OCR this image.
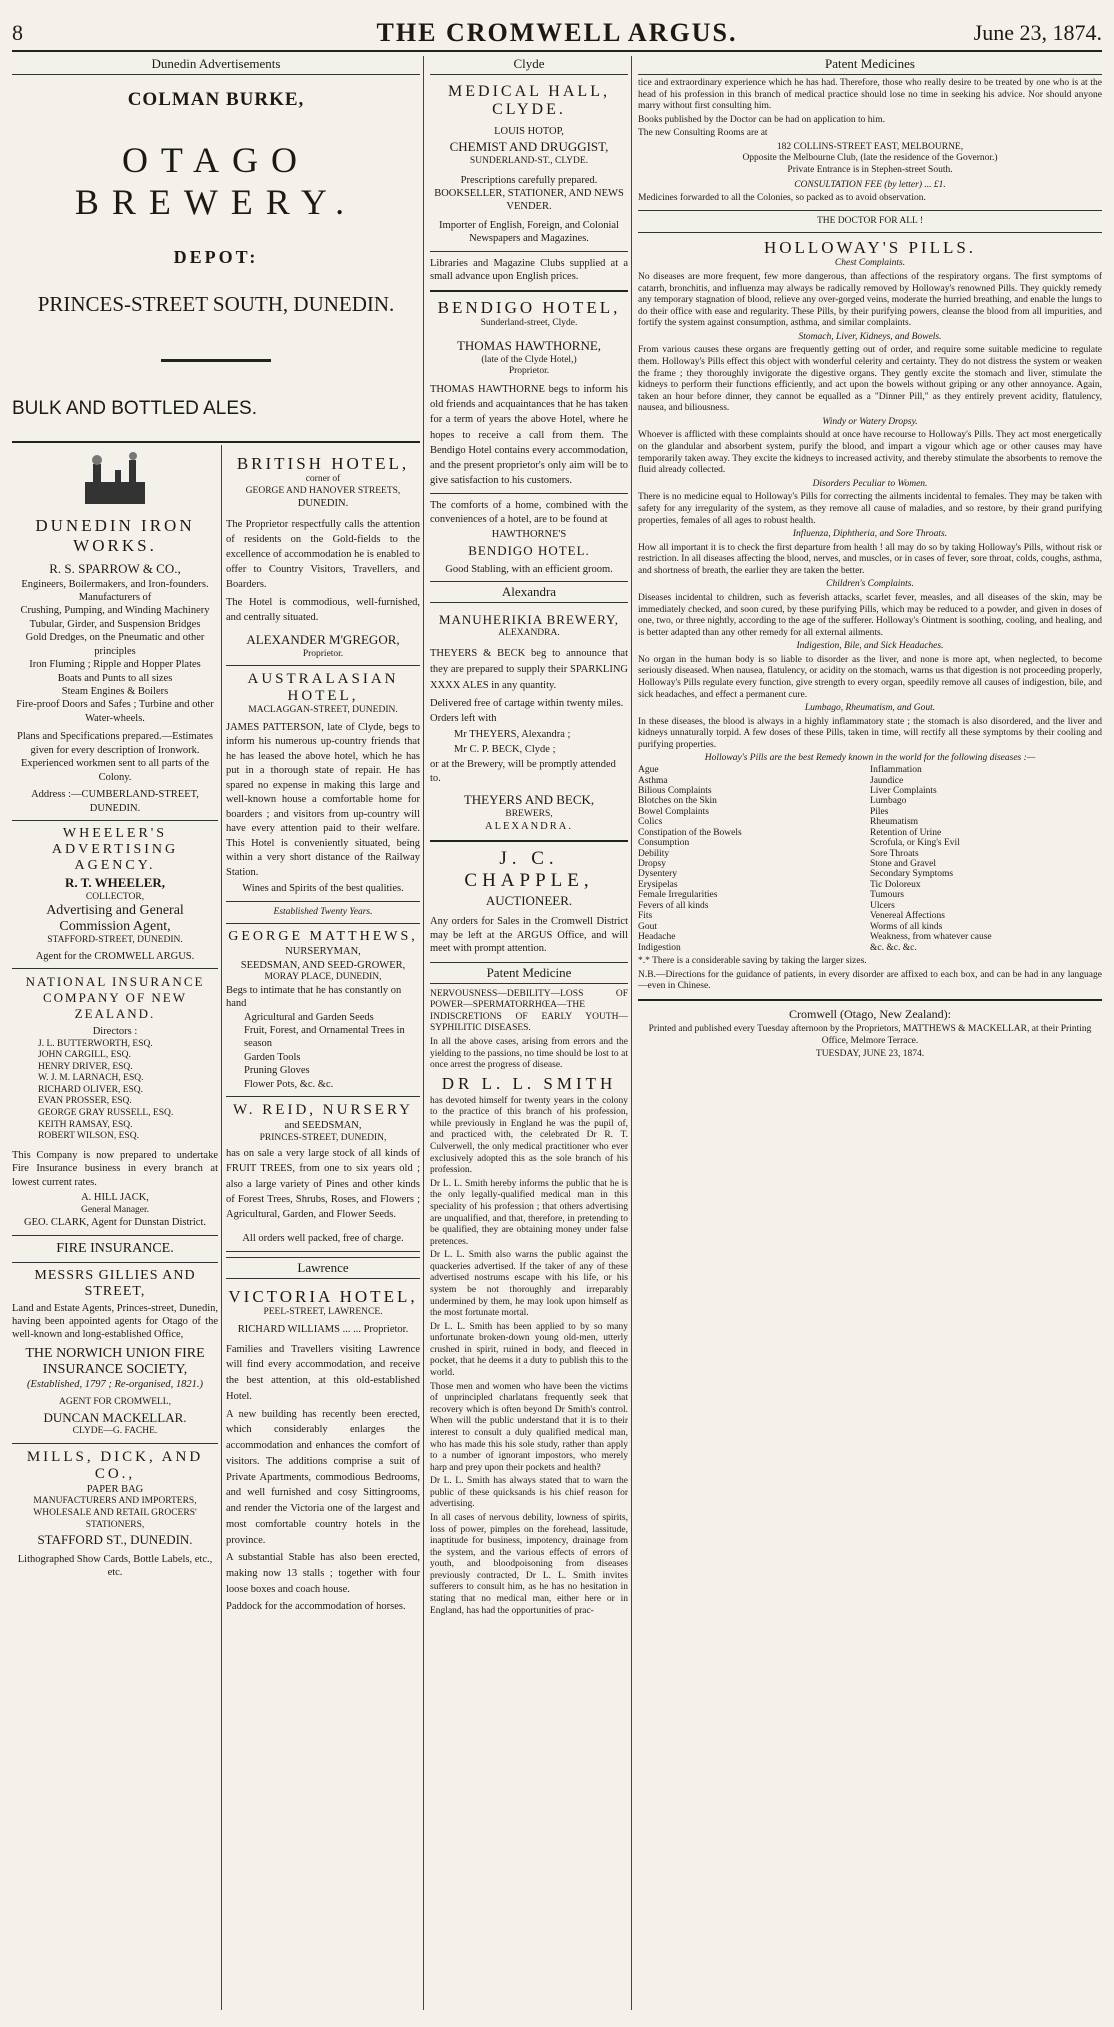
8	THE CROMWELL ARGUS.	June 23, 1874.
Dunedin Advertisements
COLMAN BURKE,
OTAGO BREWERY.
DEPOT:
PRINCES-STREET SOUTH, DUNEDIN.
BULK AND BOTTLED ALES.
DUNEDIN IRON WORKS.
R. S. SPARROW & CO.,
Engineers, Boilermakers, and Iron-founders.
Manufacturers of
Crushing, Pumping, and Winding Machinery
Tubular, Girder, and Suspension Bridges
Gold Dredges, on the Pneumatic and other principles
Iron Fluming ; Ripple and Hopper Plates
Boats and Punts to all sizes
Steam Engines & Boilers
Fire-proof Doors and Safes ; Turbine and other Water-wheels.
Plans and Specifications prepared.—Estimates given for every description of Ironwork.
Experienced workmen sent to all parts of the Colony.
Address :—CUMBERLAND-STREET, DUNEDIN.
WHEELER'S ADVERTISING AGENCY.
R. T. WHEELER,
COLLECTOR,
Advertising and General Commission Agent,
STAFFORD-STREET, DUNEDIN.
Agent for the CROMWELL ARGUS.
NATIONAL INSURANCE COMPANY OF NEW ZEALAND.
Directors :
J. L. BUTTERWORTH, ESQ.
JOHN CARGILL, ESQ.
HENRY DRIVER, ESQ.
W. J. M. LARNACH, ESQ.
RICHARD OLIVER, ESQ.
EVAN PROSSER, ESQ.
GEORGE GRAY RUSSELL, ESQ.
KEITH RAMSAY, ESQ.
ROBERT WILSON, ESQ.

This Company is now prepared to undertake Fire Insurance business in every branch at lowest current rates.

A. HILL JACK,
General Manager.
GEO. CLARK, Agent for Dunstan District.
FIRE INSURANCE.
MESSRS GILLIES AND STREET,

Land and Estate Agents, Princes-street, Dunedin, having been appointed agents for Otago of the well-known and long-established Office,

THE NORWICH UNION FIRE INSURANCE SOCIETY,
(Established, 1797 ; Re-organised, 1821.)
AGENT FOR CROMWELL,
DUNCAN MACKELLAR.
CLYDE—G. FACHE.
MILLS, DICK, AND CO.,
PAPER BAG
MANUFACTURERS AND IMPORTERS,
WHOLESALE AND RETAIL GROCERS' STATIONERS,
STAFFORD ST., DUNEDIN.
Lithographed Show Cards, Bottle Labels, etc., etc.
BRITISH HOTEL,
corner of
GEORGE AND HANOVER STREETS,
DUNEDIN.

The Proprietor respectfully calls the attention of residents on the Gold-fields to the excellence of accommodation he is enabled to offer to Country Visitors, Travellers, and Boarders.

The Hotel is commodious, well-furnished, and centrally situated.

ALEXANDER M'GREGOR,
Proprietor.
AUSTRALASIAN HOTEL,
MACLAGGAN-STREET, DUNEDIN.

JAMES PATTERSON, late of Clyde, begs to inform his numerous up-country friends that he has leased the above hotel, which he has put in a thorough state of repair. He has spared no expense in making this large and well-known house a comfortable home for boarders ; and visitors from up-country will have every attention paid to their welfare. This Hotel is conveniently situated, being within a very short distance of the Railway Station.

Wines and Spirits of the best qualities.
Established Twenty Years.
GEORGE MATTHEWS,
NURSERYMAN,
SEEDSMAN, AND SEED-GROWER,
MORAY PLACE, DUNEDIN,
Begs to intimate that he has constantly on hand
Agricultural and Garden Seeds
Fruit, Forest, and Ornamental Trees in season
Garden Tools
Pruning Gloves
Flower Pots, &c. &c.
W. REID, NURSERY
and SEEDSMAN,
PRINCES-STREET, DUNEDIN,

has on sale a very large stock of all kinds of FRUIT TREES, from one to six years old ; also a large variety of Pines and other kinds of Forest Trees, Shrubs, Roses, and Flowers ; Agricultural, Garden, and Flower Seeds.

All orders well packed, free of charge.
Lawrence
VICTORIA HOTEL,
PEEL-STREET, LAWRENCE.
RICHARD WILLIAMS ... ... Proprietor.

Families and Travellers visiting Lawrence will find every accommodation, and receive the best attention, at this old-established Hotel.

A new building has recently been erected, which considerably enlarges the accommodation and enhances the comfort of visitors. The additions comprise a suit of Private Apartments, commodious Bedrooms, and well furnished and cosy Sittingrooms, and render the Victoria one of the largest and most comfortable country hotels in the province.

A substantial Stable has also been erected, making now 13 stalls ; together with four loose boxes and coach house.

Paddock for the accommodation of horses.

Clyde
MEDICAL HALL, CLYDE.
LOUIS HOTOP,
CHEMIST AND DRUGGIST,
SUNDERLAND-ST., CLYDE.
Prescriptions carefully prepared.
BOOKSELLER, STATIONER, AND NEWS VENDER.
Importer of English, Foreign, and Colonial Newspapers and Magazines.

Libraries and Magazine Clubs supplied at a small advance upon English prices.

BENDIGO HOTEL,
Sunderland-street, Clyde.
THOMAS HAWTHORNE,
(late of the Clyde Hotel,)
Proprietor.

THOMAS HAWTHORNE begs to inform his old friends and acquaintances that he has taken for a term of years the above Hotel, where he hopes to receive a call from them. The Bendigo Hotel contains every accommodation, and the present proprietor's only aim will be to give satisfaction to his customers.

The comforts of a home, combined with the conveniences of a hotel, are to be found at

HAWTHORNE'S
BENDIGO HOTEL.
Good Stabling, with an efficient groom.
Alexandra
MANUHERIKIA BREWERY,
ALEXANDRA.

THEYERS & BECK beg to announce that they are prepared to supply their SPARKLING XXXX ALES in any quantity.

Delivered free of cartage within twenty miles.

Orders left with

Mr THEYERS, Alexandra ;

Mr C. P. BECK, Clyde ;

or at the Brewery, will be promptly attended to.

THEYERS AND BECK,
BREWERS,
ALEXANDRA.
J. C. CHAPPLE,
AUCTIONEER.

Any orders for Sales in the Cromwell District may be left at the ARGUS Office, and will meet with prompt attention.

Patent Medicine

NERVOUSNESS—DEBILITY—LOSS OF POWER—SPERMATORRHŒA—THE INDISCRETIONS OF EARLY YOUTH—SYPHILITIC DISEASES.

In all the above cases, arising from errors and the yielding to the passions, no time should be lost to at once arrest the progress of disease.

DR L. L. SMITH

has devoted himself for twenty years in the colony to the practice of this branch of his profession, while previously in England he was the pupil of, and practiced with, the celebrated Dr R. T. Culverwell, the only medical practitioner who ever exclusively adopted this as the sole branch of his profession.

Dr L. L. Smith hereby informs the public that he is the only legally-qualified medical man in this speciality of his profession ; that others advertising are unqualified, and that, therefore, in pretending to be qualified, they are obtaining money under false pretences.

Dr L. L. Smith also warns the public against the quackeries advertised. If the taker of any of these advertised nostrums escape with his life, or his system be not thoroughly and irreparably undermined by them, he may look upon himself as the most fortunate mortal.

Dr L. L. Smith has been applied to by so many unfortunate broken-down young old-men, utterly crushed in spirit, ruined in body, and fleeced in pocket, that he deems it a duty to publish this to the world.

Those men and women who have been the victims of unprincipled charlatans frequently seek that recovery which is often beyond Dr Smith's control. When will the public understand that it is to their interest to consult a duly qualified medical man, who has made this his sole study, rather than apply to a number of ignorant impostors, who merely harp and prey upon their pockets and health?

Dr L. L. Smith has always stated that to warn the public of these quicksands is his chief reason for advertising.

In all cases of nervous debility, lowness of spirits, loss of power, pimples on the forehead, lassitude, inaptitude for business, impotency, drainage from the system, and the various effects of errors of youth, and bloodpoisoning from diseases previously contracted, Dr L. L. Smith invites sufferers to consult him, as he has no hesitation in stating that no medical man, either here or in England, has had the opportunities of prac-

Patent Medicines

tice and extraordinary experience which he has had. Therefore, those who really desire to be treated by one who is at the head of his profession in this branch of medical practice should lose no time in seeking his advice. Nor should anyone marry without first consulting him.

Books published by the Doctor can be had on application to him.

The new Consulting Rooms are at

182 COLLINS-STREET EAST, MELBOURNE,
Opposite the Melbourne Club, (late the residence of the Governor.)
Private Entrance is in Stephen-street South.
CONSULTATION FEE (by letter) ... £1.

Medicines forwarded to all the Colonies, so packed as to avoid observation.

THE DOCTOR FOR ALL !
HOLLOWAY'S PILLS.
Chest Complaints.

No diseases are more frequent, few more dangerous, than affections of the respiratory organs. The first symptoms of catarrh, bronchitis, and influenza may always be radically removed by Holloway's renowned Pills. They quickly remedy any temporary stagnation of blood, relieve any over-gorged veins, moderate the hurried breathing, and enable the lungs to do their office with ease and regularity. These Pills, by their purifying powers, cleanse the blood from all impurities, and fortify the system against consumption, asthma, and similar complaints.

Stomach, Liver, Kidneys, and Bowels.

From various causes these organs are frequently getting out of order, and require some suitable medicine to regulate them. Holloway's Pills effect this object with wonderful celerity and certainty. They do not distress the system or weaken the frame ; they thoroughly invigorate the digestive organs. They gently excite the stomach and liver, stimulate the kidneys to perform their functions efficiently, and act upon the bowels without griping or any other annoyance. Again, taken an hour before dinner, they cannot be equalled as a "Dinner Pill," as they entirely prevent acidity, flatulency, nausea, and biliousness.

Windy or Watery Dropsy.

Whoever is afflicted with these complaints should at once have recourse to Holloway's Pills. They act most energetically on the glandular and absorbent system, purify the blood, and impart a vigour which age or other causes may have temporarily taken away. They excite the kidneys to increased activity, and thereby stimulate the absorbents to remove the fluid already collected.

Disorders Peculiar to Women.

There is no medicine equal to Holloway's Pills for correcting the ailments incidental to females. They may be taken with safety for any irregularity of the system, as they remove all cause of maladies, and so restore, by their grand purifying properties, females of all ages to robust health.

Influenza, Diphtheria, and Sore Throats.

How all important it is to check the first departure from health ! all may do so by taking Holloway's Pills, without risk or restriction. In all diseases affecting the blood, nerves, and muscles, or in cases of fever, sore throat, colds, coughs, asthma, and shortness of breath, the earlier they are taken the better.

Children's Complaints.

Diseases incidental to children, such as feverish attacks, scarlet fever, measles, and all diseases of the skin, may be immediately checked, and soon cured, by these purifying Pills, which may be reduced to a powder, and given in doses of one, two, or three nightly, according to the age of the sufferer. Holloway's Ointment is soothing, cooling, and healing, and is better adapted than any other remedy for all external ailments.

Indigestion, Bile, and Sick Headaches.

No organ in the human body is so liable to disorder as the liver, and none is more apt, when neglected, to become seriously diseased. When nausea, flatulency, or acidity on the stomach, warns us that digestion is not proceeding properly, Holloway's Pills regulate every function, give strength to every organ, speedily remove all causes of indigestion, bile, and sick headaches, and effect a permanent cure.

Lumbago, Rheumatism, and Gout.

In these diseases, the blood is always in a highly inflammatory state ; the stomach is also disordered, and the liver and kidneys unnaturally torpid. A few doses of these Pills, taken in time, will rectify all these symptoms by their cooling and purifying properties.

Holloway's Pills are the best Remedy known in the world for the following diseases :—
Ague
Asthma
Bilious Complaints
Blotches on the Skin
Bowel Complaints
Colics
Constipation of the Bowels
Consumption
Debility
Dropsy
Dysentery
Erysipelas
Female Irregularities
Fevers of all kinds
Fits
Gout
Headache
Indigestion
Inflammation
Jaundice
Liver Complaints
Lumbago
Piles
Rheumatism
Retention of Urine
Scrofula, or King's Evil
Sore Throats
Stone and Gravel
Secondary Symptoms
Tic Doloreux
Tumours
Ulcers
Venereal Affections
Worms of all kinds
Weakness, from whatever cause
&c. &c. &c.

*.* There is a considerable saving by taking the larger sizes.

N.B.—Directions for the guidance of patients, in every disorder are affixed to each box, and can be had in any language—even in Chinese.

Cromwell (Otago, New Zealand):

Printed and published every Tuesday afternoon by the Proprietors, MATTHEWS & MACKELLAR, at their Printing Office, Melmore Terrace.

TUESDAY, JUNE 23, 1874.
